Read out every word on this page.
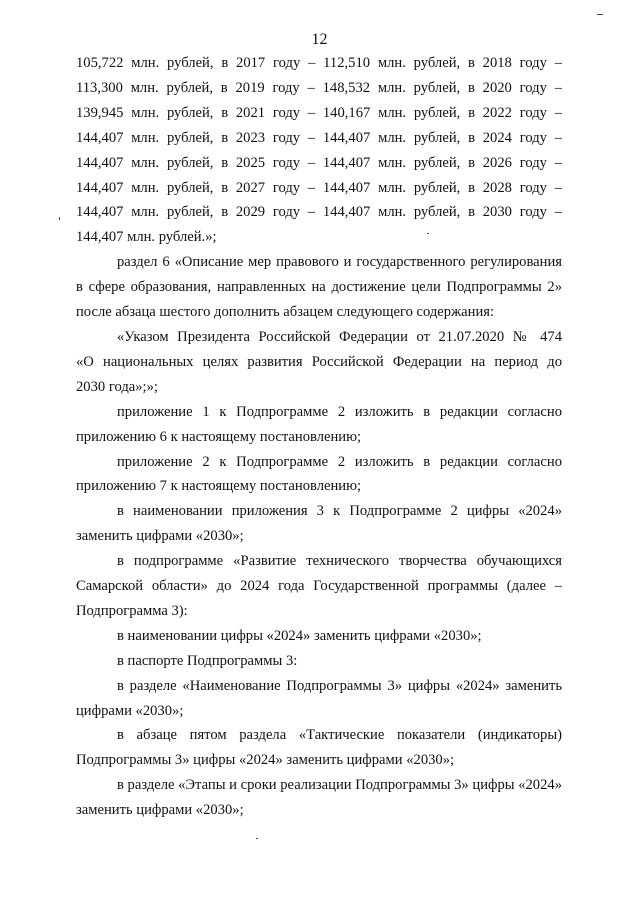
12
105,722 млн. рублей, в 2017 году – 112,510 млн. рублей, в 2018 году –
113,300 млн. рублей, в 2019 году – 148,532 млн. рублей, в 2020 году –
139,945 млн. рублей, в 2021 году – 140,167 млн. рублей, в 2022 году –
144,407 млн. рублей, в 2023 году – 144,407 млн. рублей, в 2024 году –
144,407 млн. рублей, в 2025 году – 144,407 млн. рублей, в 2026 году –
144,407 млн. рублей, в 2027 году – 144,407 млн. рублей, в 2028 году –
144,407 млн. рублей, в 2029 году – 144,407 млн. рублей, в 2030 году –
144,407 млн. рублей.»;
раздел 6 «Описание мер правового и государственного регулирования
в сфере образования, направленных на достижение цели Подпрограммы 2»
после абзаца шестого дополнить абзацем следующего содержания:
«Указом Президента Российской Федерации от 21.07.2020 № 474
«О национальных целях развития Российской Федерации на период до
2030 года»;»;
приложение 1 к Подпрограмме 2 изложить в редакции согласно
приложению 6 к настоящему постановлению;
приложение 2 к Подпрограмме 2 изложить в редакции согласно
приложению 7 к настоящему постановлению;
в наименовании приложения 3 к Подпрограмме 2 цифры «2024»
заменить цифрами «2030»;
в подпрограмме «Развитие технического творчества обучающихся
Самарской области» до 2024 года Государственной программы (далее –
Подпрограмма 3):
в наименовании цифры «2024» заменить цифрами «2030»;
в паспорте Подпрограммы 3:
в разделе «Наименование Подпрограммы 3» цифры «2024» заменить
цифрами «2030»;
в абзаце пятом раздела «Тактические показатели (индикаторы)
Подпрограммы 3» цифры «2024» заменить цифрами «2030»;
в разделе «Этапы и сроки реализации Подпрограммы 3» цифры «2024»
заменить цифрами «2030»;
